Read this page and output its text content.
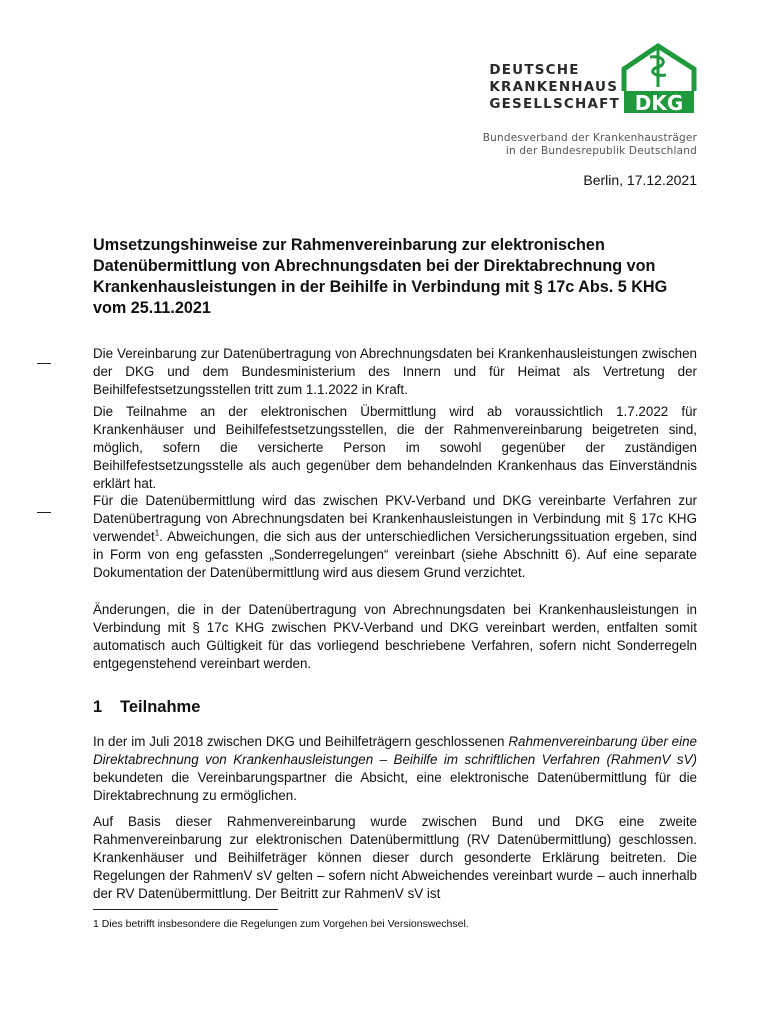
DEUTSCHE
KRANKENHAUS
GESELLSCHAFT DKG
Bundesverband der Krankenhausträger
in der Bundesrepublik Deutschland
Berlin, 17.12.2021
Umsetzungshinweise zur Rahmenvereinbarung zur elektronischen Datenübermittlung von Abrechnungsdaten bei der Direktabrechnung von Krankenhausleistungen in der Beihilfe in Verbindung mit § 17c Abs. 5 KHG vom 25.11.2021

Die Vereinbarung zur Datenübertragung von Abrechnungsdaten bei Krankenhausleistungen zwischen der DKG und dem Bundesministerium des Innern und für Heimat als Vertretung der Beihilfefestsetzungsstellen tritt zum 1.1.2022 in Kraft.

Die Teilnahme an der elektronischen Übermittlung wird ab voraussichtlich 1.7.2022 für Krankenhäuser und Beihilfefestsetzungsstellen, die der Rahmenvereinbarung beigetreten sind, möglich, sofern die versicherte Person im sowohl gegenüber der zuständigen Beihilfefestsetzungsstelle als auch gegenüber dem behandelnden Krankenhaus das Einverständnis erklärt hat.

Für die Datenübermittlung wird das zwischen PKV-Verband und DKG vereinbarte Verfahren zur Datenübertragung von Abrechnungsdaten bei Krankenhausleistungen in Verbindung mit § 17c KHG verwendet$^1$. Abweichungen, die sich aus der unterschiedlichen Versicherungssituation ergeben, sind in Form von eng gefassten „Sonderregelungen“ vereinbart (siehe Abschnitt 6). Auf eine separate Dokumentation der Datenübermittlung wird aus diesem Grund verzichtet.

Änderungen, die in der Datenübertragung von Abrechnungsdaten bei Krankenhausleistungen in Verbindung mit § 17c KHG zwischen PKV-Verband und DKG vereinbart werden, entfalten somit automatisch auch Gültigkeit für das vorliegend beschriebene Verfahren, sofern nicht Sonderregeln entgegenstehend vereinbart werden.

1 Teilnahme

In der im Juli 2018 zwischen DKG und Beihilfeträgern geschlossenen Rahmenvereinbarung über eine Direktabrechnung von Krankenhausleistungen – Beihilfe im schriftlichen Verfahren (RahmenV sV) bekundeten die Vereinbarungspartner die Absicht, eine elektronische Datenübermittlung für die Direktabrechnung zu ermöglichen.

Auf Basis dieser Rahmenvereinbarung wurde zwischen Bund und DKG eine zweite Rahmenvereinbarung zur elektronischen Datenübermittlung (RV Datenübermittlung) geschlossen. Krankenhäuser und Beihilfeträger können dieser durch gesonderte Erklärung beitreten. Die Regelungen der RahmenV sV gelten – sofern nicht Abweichendes vereinbart wurde – auch innerhalb der RV Datenübermittlung. Der Beitritt zur RahmenV sV ist

1 Dies betrifft insbesondere die Regelungen zum Vorgehen bei Versionswechsel.
